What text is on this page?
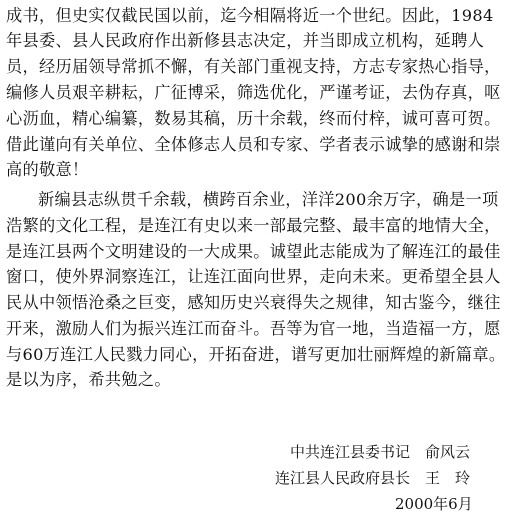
成书，但史实仅截民国以前，迄今相隔将近一个世纪。因此，1984
年县委、县人民政府作出新修县志决定，并当即成立机构，延聘人
员，经历届领导常抓不懈，有关部门重视支持，方志专家热心指导，
编修人员艰辛耕耘，广征博采，筛选优化，严谨考证，去伪存真，呕
心沥血，精心编纂，数易其稿，历十余载，终而付梓，诚可喜可贺。
借此谨向有关单位、全体修志人员和专家、学者表示诚挚的感谢和崇
高的敬意！
新编县志纵贯千余载，横跨百余业，洋洋200余万字，确是一项
浩繁的文化工程，是连江有史以来一部最完整、最丰富的地情大全，
是连江县两个文明建设的一大成果。诚望此志能成为了解连江的最佳
窗口，使外界洞察连江，让连江面向世界，走向未来。更希望全县人
民从中领悟沧桑之巨变，感知历史兴衰得失之规律，知古鉴今，继往
开来，激励人们为振兴连江而奋斗。吾等为官一地，当造福一方，愿
与60万连江人民戮力同心，开拓奋进，谱写更加壮丽辉煌的新篇章。
是以为序，希共勉之。
中共连江县委书记　俞风云
连江县人民政府县长　王　玲
2000年6月
